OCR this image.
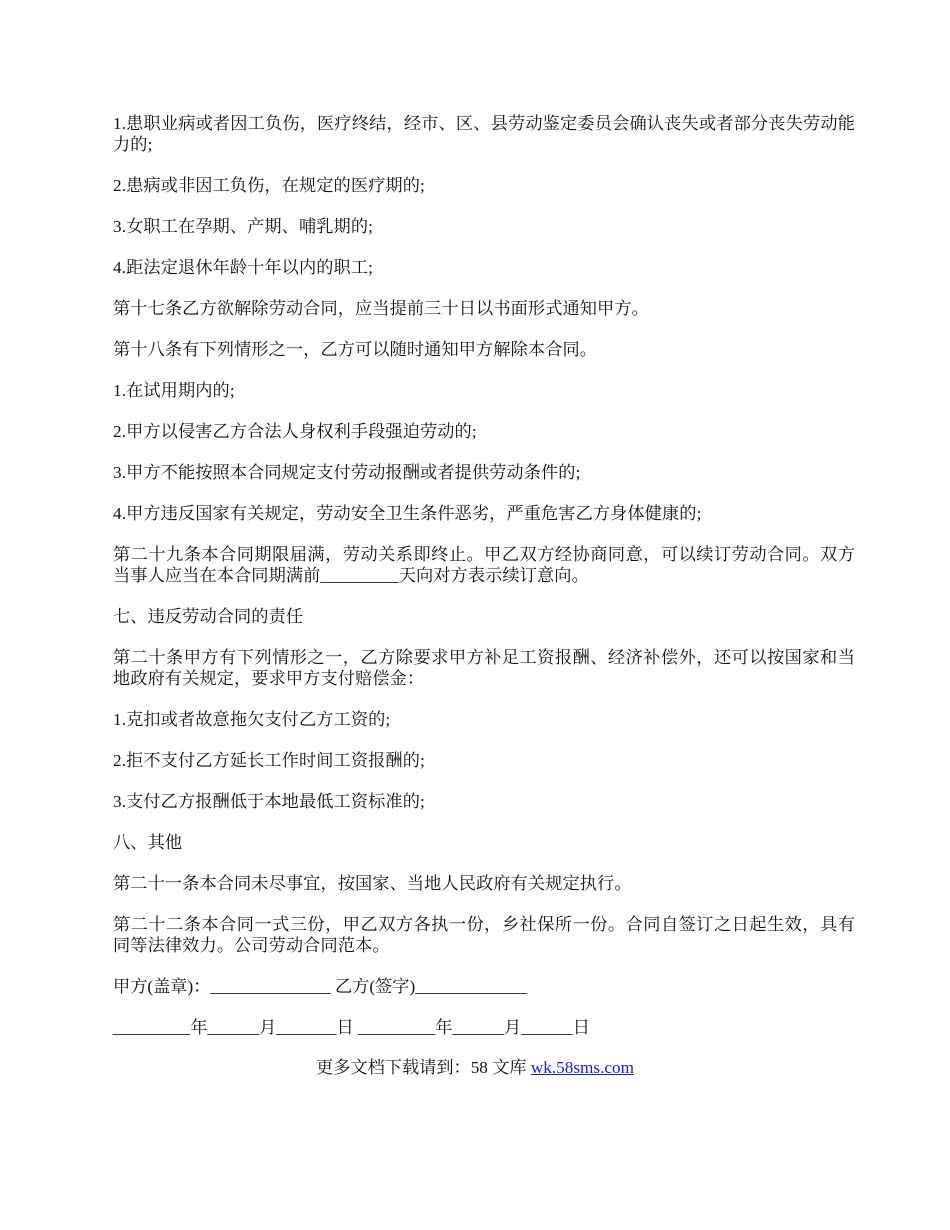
1.患职业病或者因工负伤，医疗终结，经市、区、县劳动鉴定委员会确认丧失或者部分丧失劳动能力的;

2.患病或非因工负伤，在规定的医疗期的;

3.女职工在孕期、产期、哺乳期的;

4.距法定退休年龄十年以内的职工;

第十七条乙方欲解除劳动合同，应当提前三十日以书面形式通知甲方。

第十八条有下列情形之一，乙方可以随时通知甲方解除本合同。

1.在试用期内的;

2.甲方以侵害乙方合法人身权利手段强迫劳动的;

3.甲方不能按照本合同规定支付劳动报酬或者提供劳动条件的;

4.甲方违反国家有关规定，劳动安全卫生条件恶劣，严重危害乙方身体健康的;

第二十九条本合同期限届满，劳动关系即终止。甲乙双方经协商同意，可以续订劳动合同。双方当事人应当在本合同期满前_________天向对方表示续订意向。

七、违反劳动合同的责任

第二十条甲方有下列情形之一，乙方除要求甲方补足工资报酬、经济补偿外，还可以按国家和当地政府有关规定，要求甲方支付赔偿金：

1.克扣或者故意拖欠支付乙方工资的;

2.拒不支付乙方延长工作时间工资报酬的;

3.支付乙方报酬低于本地最低工资标准的;

八、其他

第二十一条本合同未尽事宜，按国家、当地人民政府有关规定执行。

第二十二条本合同一式三份，甲乙双方各执一份，乡社保所一份。合同自签订之日起生效，具有同等法律效力。公司劳动合同范本。

甲方(盖章)：______________ 乙方(签字)_____________

_________年______月_______日 _________年______月______日

更多文档下载请到：58 文库 wk.58sms.com
